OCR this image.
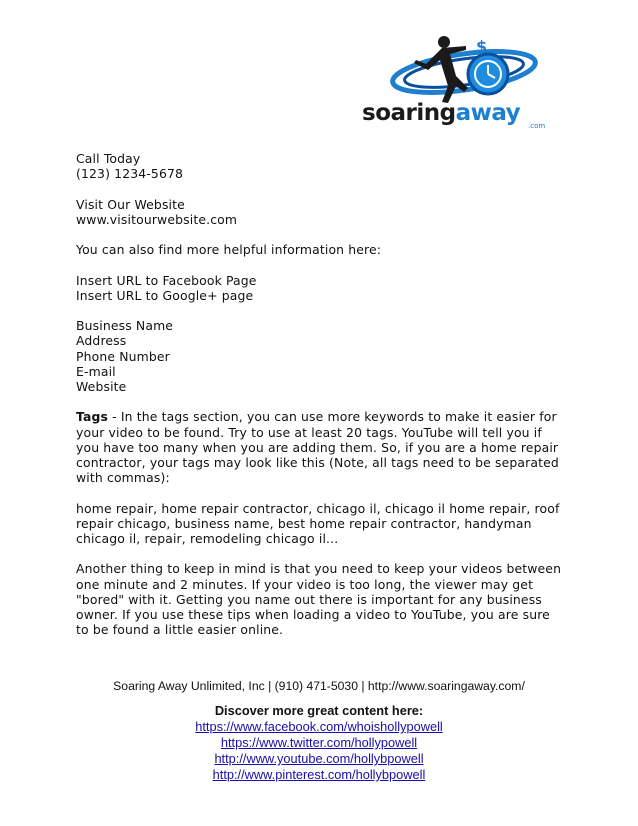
$
soaringaway .com

Call Today
(123) 1234-5678

Visit Our Website
www.visitourwebsite.com

You can also find more helpful information here:

Insert URL to Facebook Page
Insert URL to Google+ page

Business Name
Address
Phone Number
E-mail
Website

Tags - In the tags section, you can use more keywords to make it easier for your video to be found. Try to use at least 20 tags. YouTube will tell you if you have too many when you are adding them. So, if you are a home repair contractor, your tags may look like this (Note, all tags need to be separated with commas):

home repair, home repair contractor, chicago il, chicago il home repair, roof repair chicago, business name, best home repair contractor, handyman chicago il, repair, remodeling chicago il...

Another thing to keep in mind is that you need to keep your videos between one minute and 2 minutes. If your video is too long, the viewer may get "bored" with it. Getting you name out there is important for any business owner. If you use these tips when loading a video to YouTube, you are sure to be found a little easier online.

Soaring Away Unlimited, Inc | (910) 471-5030 | http://www.soaringaway.com/
Discover more great content here:
https://www.facebook.com/whoishollypowell
https://www.twitter.com/hollypowell
http://www.youtube.com/hollybpowell
http://www.pinterest.com/hollybpowell
